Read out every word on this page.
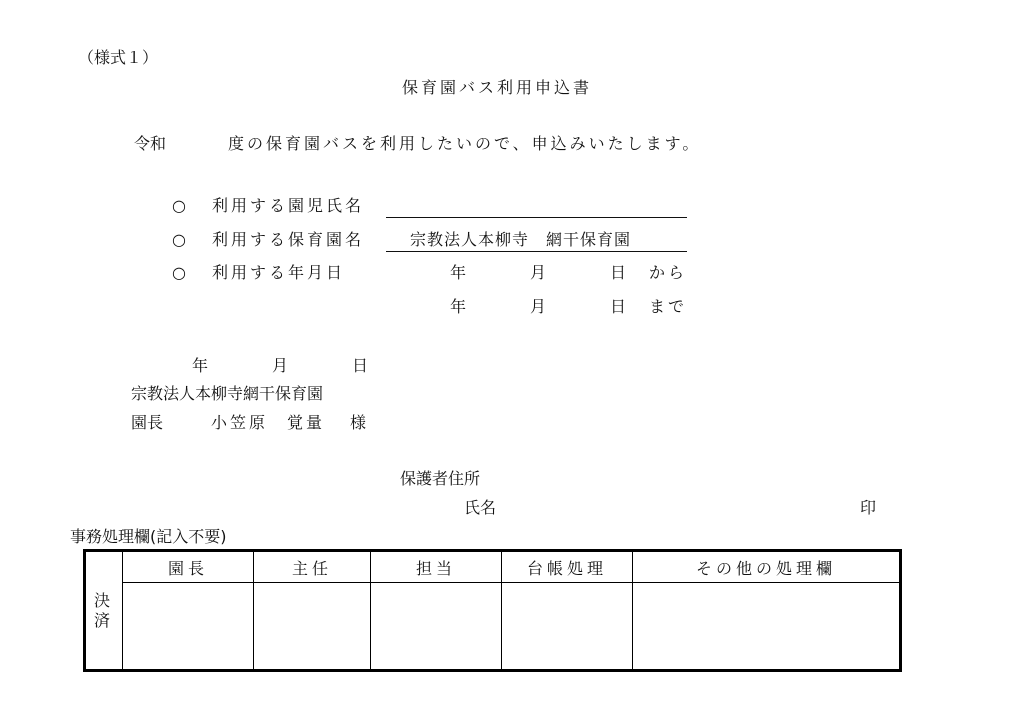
（様式１）
保育園バス利用申込書
令和	度の保育園バスを利用したいので、申込みいたします。
○ 利用する園児氏名
○ 利用する保育園名	宗教法人本柳寺　網干保育園
○ 利用する年月日	年	月	日 から
年	月	日 まで
年	月	日
宗教法人本柳寺網干保育園
園長	小笠原　覚量 様
保護者住所
氏名	印
事務処理欄(記入不要)
決
済	園長	主任	担当	台帳処理	その他の処理欄
